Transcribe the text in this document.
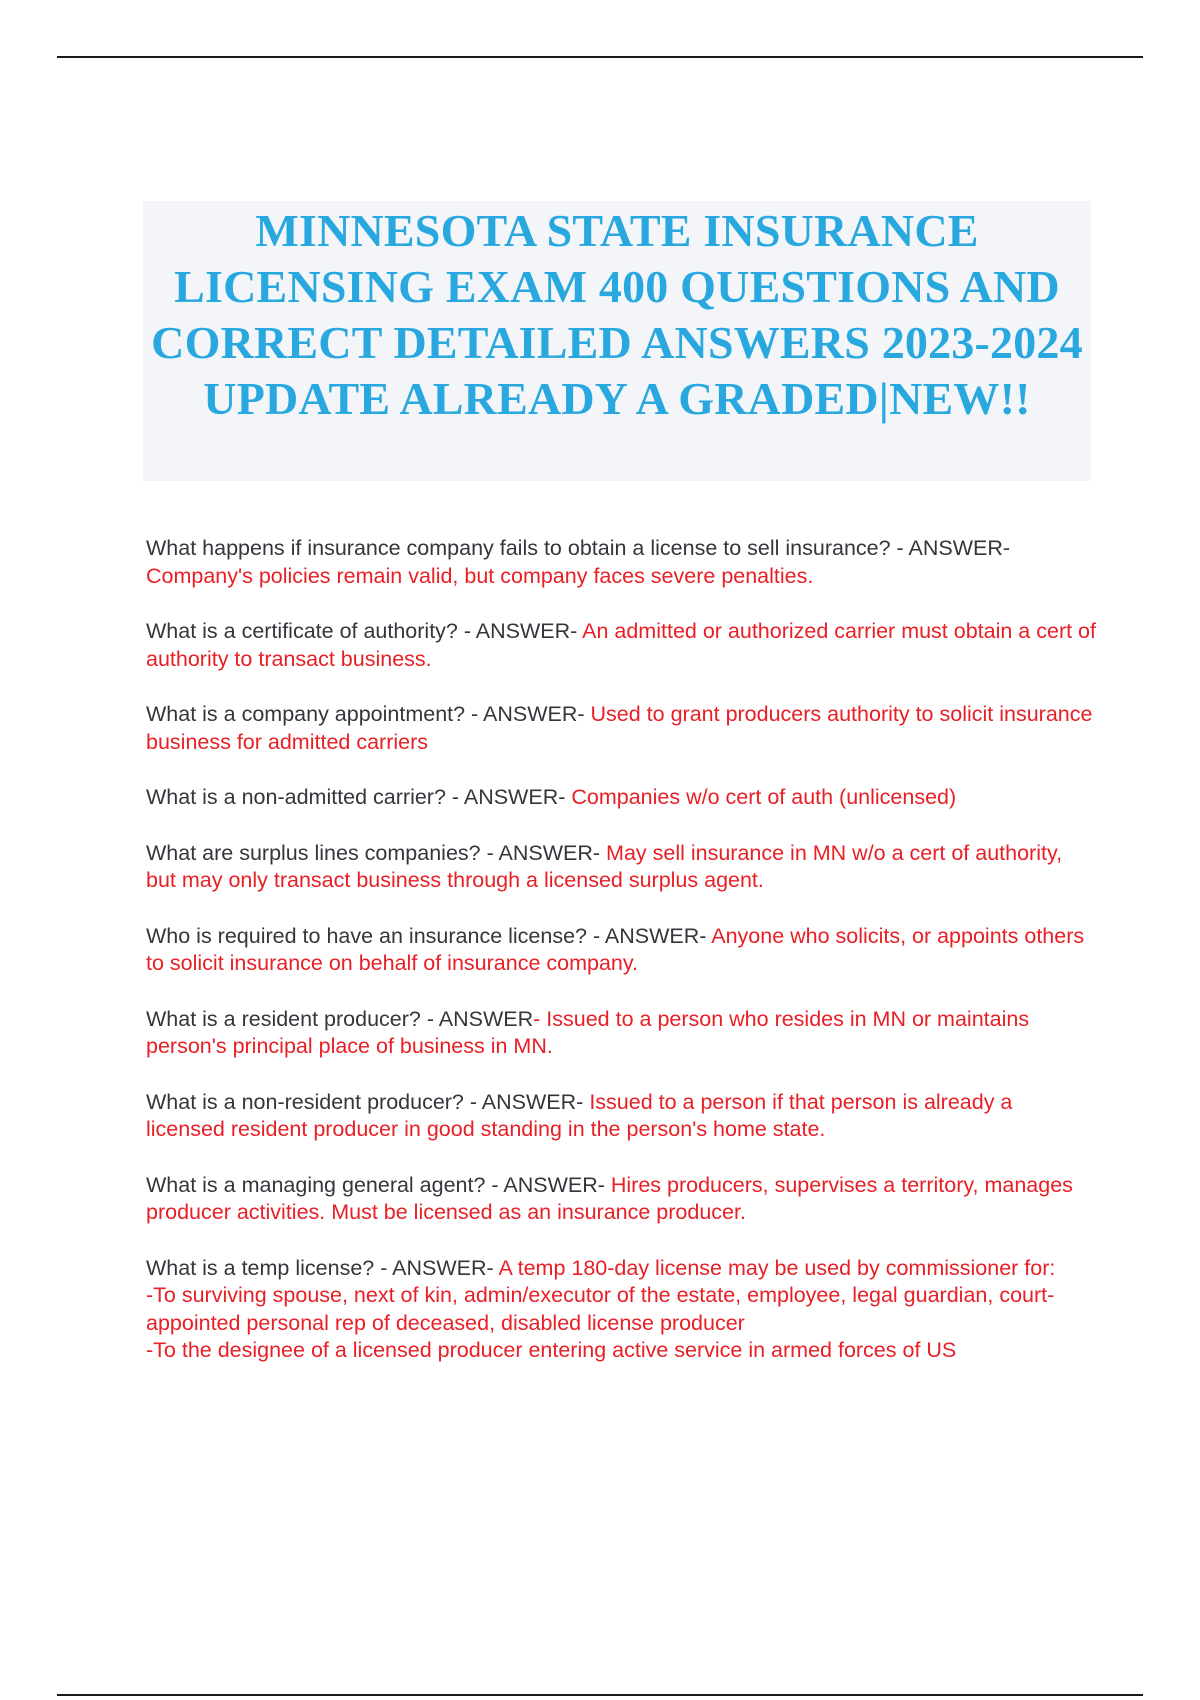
MINNESOTA STATE INSURANCE LICENSING EXAM 400 QUESTIONS AND CORRECT DETAILED ANSWERS 2023-2024 UPDATE ALREADY A GRADED|NEW!!
What happens if insurance company fails to obtain a license to sell insurance? - ANSWER- Company's policies remain valid, but company faces severe penalties.
What is a certificate of authority? - ANSWER- An admitted or authorized carrier must obtain a cert of authority to transact business.
What is a company appointment? - ANSWER- Used to grant producers authority to solicit insurance business for admitted carriers
What is a non-admitted carrier? - ANSWER- Companies w/o cert of auth (unlicensed)
What are surplus lines companies? - ANSWER- May sell insurance in MN w/o a cert of authority, but may only transact business through a licensed surplus agent.
Who is required to have an insurance license? - ANSWER- Anyone who solicits, or appoints others to solicit insurance on behalf of insurance company.
What is a resident producer? - ANSWER- Issued to a person who resides in MN or maintains person's principal place of business in MN.
What is a non-resident producer? - ANSWER- Issued to a person if that person is already a licensed resident producer in good standing in the person's home state.
What is a managing general agent? - ANSWER- Hires producers, supervises a territory, manages producer activities. Must be licensed as an insurance producer.
What is a temp license? - ANSWER- A temp 180-day license may be used by commissioner for:
-To surviving spouse, next of kin, admin/executor of the estate, employee, legal guardian, court-appointed personal rep of deceased, disabled license producer
-To the designee of a licensed producer entering active service in armed forces of US
